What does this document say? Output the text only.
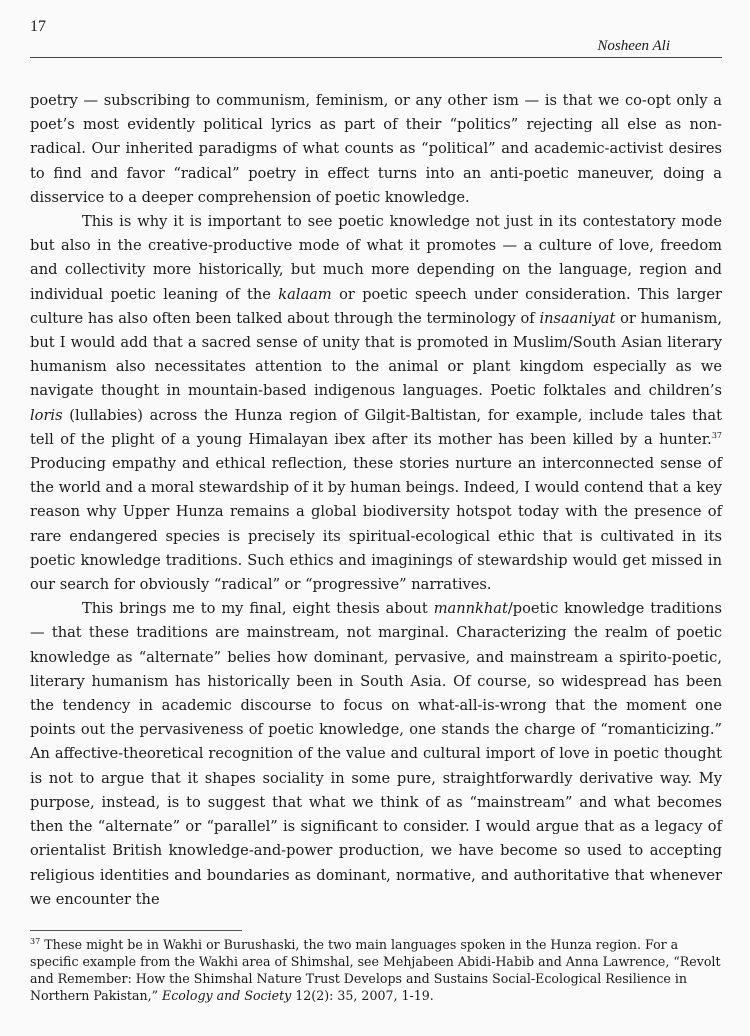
17
Nosheen Ali

poetry — subscribing to communism, feminism, or any other ism — is that we co-opt only a poet’s most evidently political lyrics as part of their “politics” rejecting all else as non-radical. Our inherited paradigms of what counts as “political” and academic-activist desires to find and favor “radical” poetry in effect turns into an anti-poetic maneuver, doing a disservice to a deeper comprehension of poetic knowledge.

This is why it is important to see poetic knowledge not just in its contestatory mode but also in the creative-productive mode of what it promotes — a culture of love, freedom and collectivity more historically, but much more depending on the language, region and individual poetic leaning of the kalaam or poetic speech under consideration. This larger culture has also often been talked about through the terminology of insaaniyat or humanism, but I would add that a sacred sense of unity that is promoted in Muslim/South Asian literary humanism also necessitates attention to the animal or plant kingdom especially as we navigate thought in mountain-based indigenous languages. Poetic folktales and children’s loris (lullabies) across the Hunza region of Gilgit-Baltistan, for example, include tales that tell of the plight of a young Himalayan ibex after its mother has been killed by a hunter.$^{37}$ Producing empathy and ethical reflection, these stories nurture an interconnected sense of the world and a moral stewardship of it by human beings. Indeed, I would contend that a key reason why Upper Hunza remains a global biodiversity hotspot today with the presence of rare endangered species is precisely its spiritual-ecological ethic that is cultivated in its poetic knowledge traditions. Such ethics and imaginings of stewardship would get missed in our search for obviously “radical” or “progressive” narratives.

This brings me to my final, eight thesis about mannkhat/poetic knowledge traditions — that these traditions are mainstream, not marginal. Characterizing the realm of poetic knowledge as “alternate” belies how dominant, pervasive, and mainstream a spirito-poetic, literary humanism has historically been in South Asia. Of course, so widespread has been the tendency in academic discourse to focus on what-all-is-wrong that the moment one points out the pervasiveness of poetic knowledge, one stands the charge of “romanticizing.” An affective-theoretical recognition of the value and cultural import of love in poetic thought is not to argue that it shapes sociality in some pure, straightforwardly derivative way. My purpose, instead, is to suggest that what we think of as “mainstream” and what becomes then the “alternate” or “parallel” is significant to consider. I would argue that as a legacy of orientalist British knowledge-and-power production, we have become so used to accepting religious identities and boundaries as dominant, normative, and authoritative that whenever we encounter the

$^{37}$ These might be in Wakhi or Burushaski, the two main languages spoken in the Hunza region. For a specific example from the Wakhi area of Shimshal, see Mehjabeen Abidi-Habib and Anna Lawrence, “Revolt and Remember: How the Shimshal Nature Trust Develops and Sustains Social-Ecological Resilience in Northern Pakistan,” Ecology and Society 12(2): 35, 2007, 1-19.
